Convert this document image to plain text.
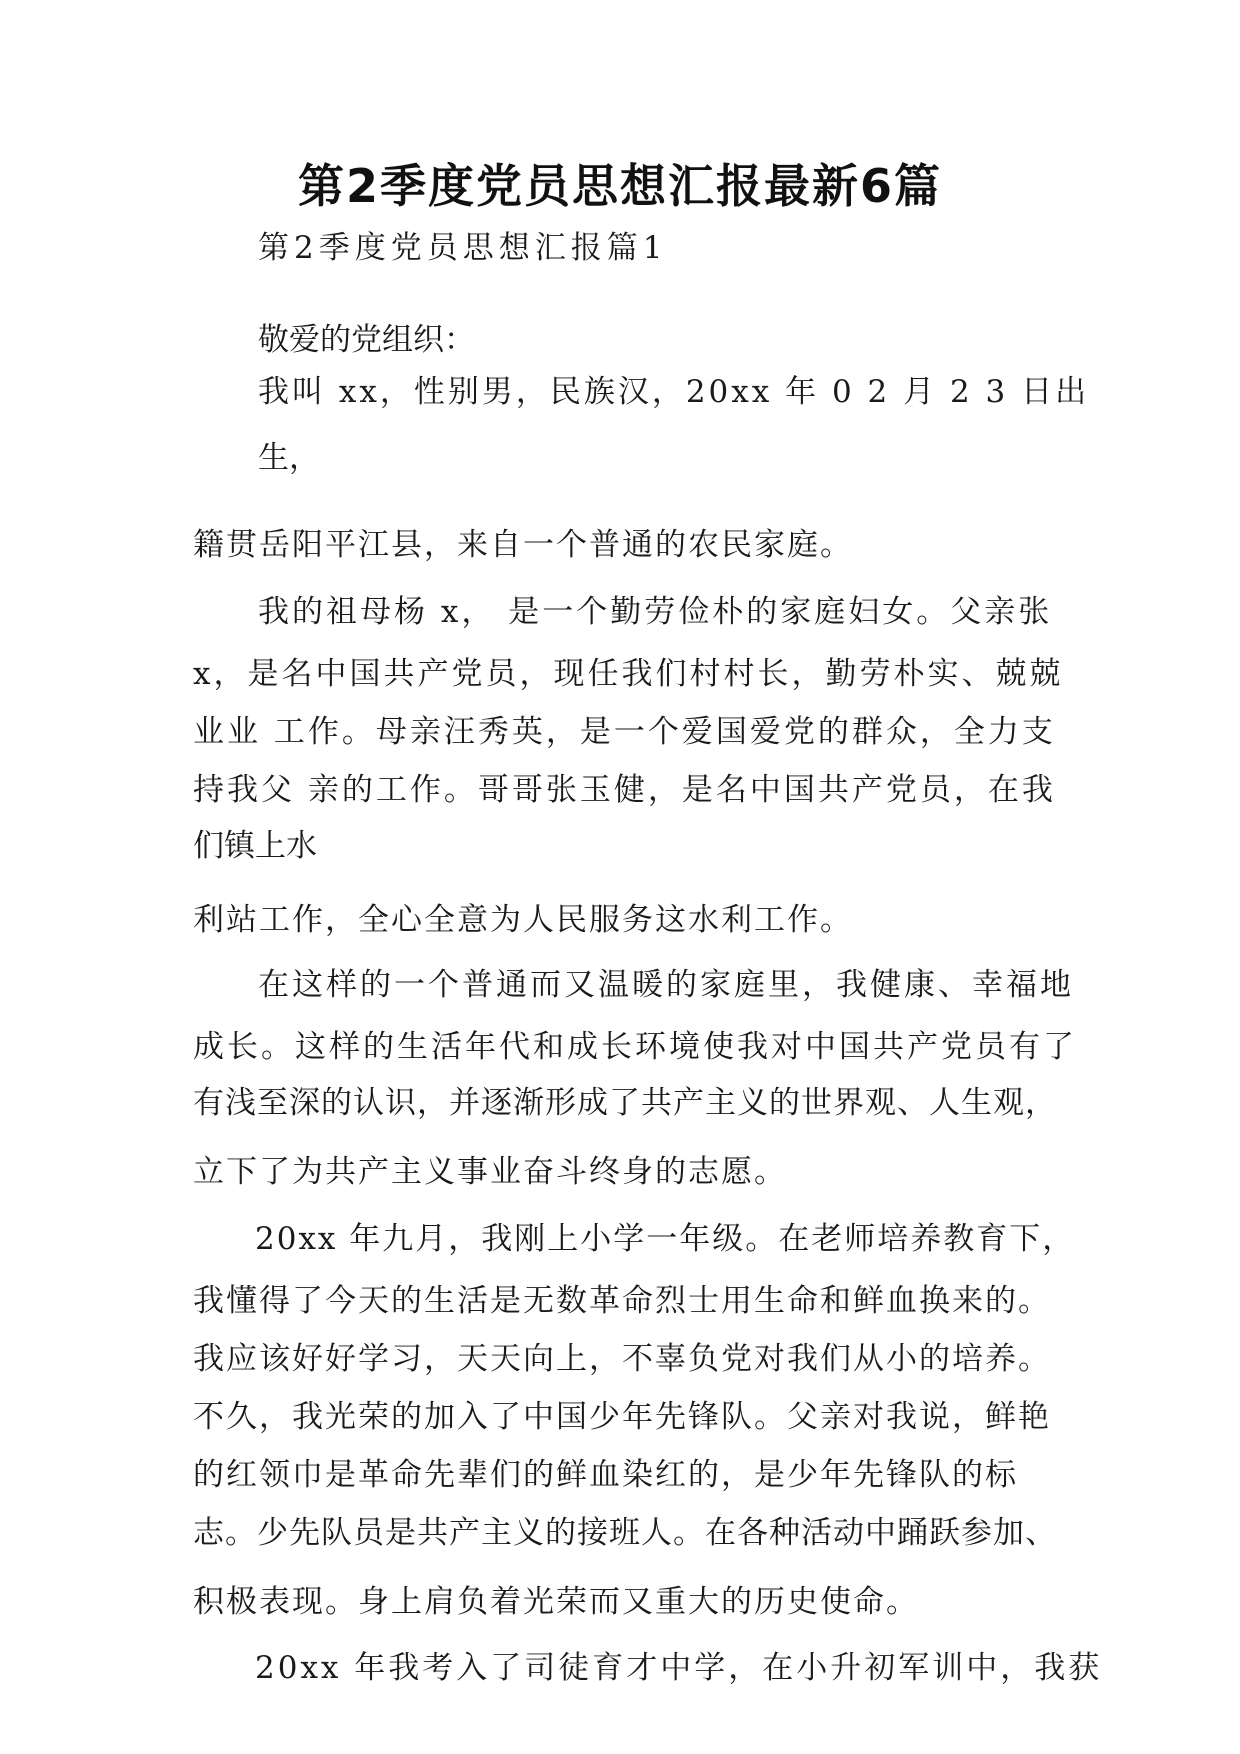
第2季度党员思想汇报最新6篇
第2季度党员思想汇报篇1
敬爱的党组织：
我叫 xx，性别男，民族汉，20xx 年 0 2 月 2 3 日出
生，
籍贯岳阳平江县，来自一个普通的农民家庭。
我的祖母杨 x， 是一个勤劳俭朴的家庭妇女。父亲张
x，是名中国共产党员，现任我们村村长，勤劳朴实、兢兢
业业 工作。母亲汪秀英，是一个爱国爱党的群众，全力支
持我父 亲的工作。哥哥张玉健，是名中国共产党员，在我
们镇上水
利站工作，全心全意为人民服务这水利工作。
在这样的一个普通而又温暖的家庭里，我健康、幸福地
成长。这样的生活年代和成长环境使我对中国共产党员有了
有浅至深的认识，并逐渐形成了共产主义的世界观、人生观，
立下了为共产主义事业奋斗终身的志愿。
20xx 年九月，我刚上小学一年级。在老师培养教育下，
我懂得了今天的生活是无数革命烈士用生命和鲜血换来的。
我应该好好学习，天天向上，不辜负党对我们从小的培养。
不久，我光荣的加入了中国少年先锋队。父亲对我说，鲜艳
的红领巾是革命先辈们的鲜血染红的，是少年先锋队的标
志。少先队员是共产主义的接班人。在各种活动中踊跃参加、
积极表现。身上肩负着光荣而又重大的历史使命。
20xx 年我考入了司徒育才中学，在小升初军训中，我获
